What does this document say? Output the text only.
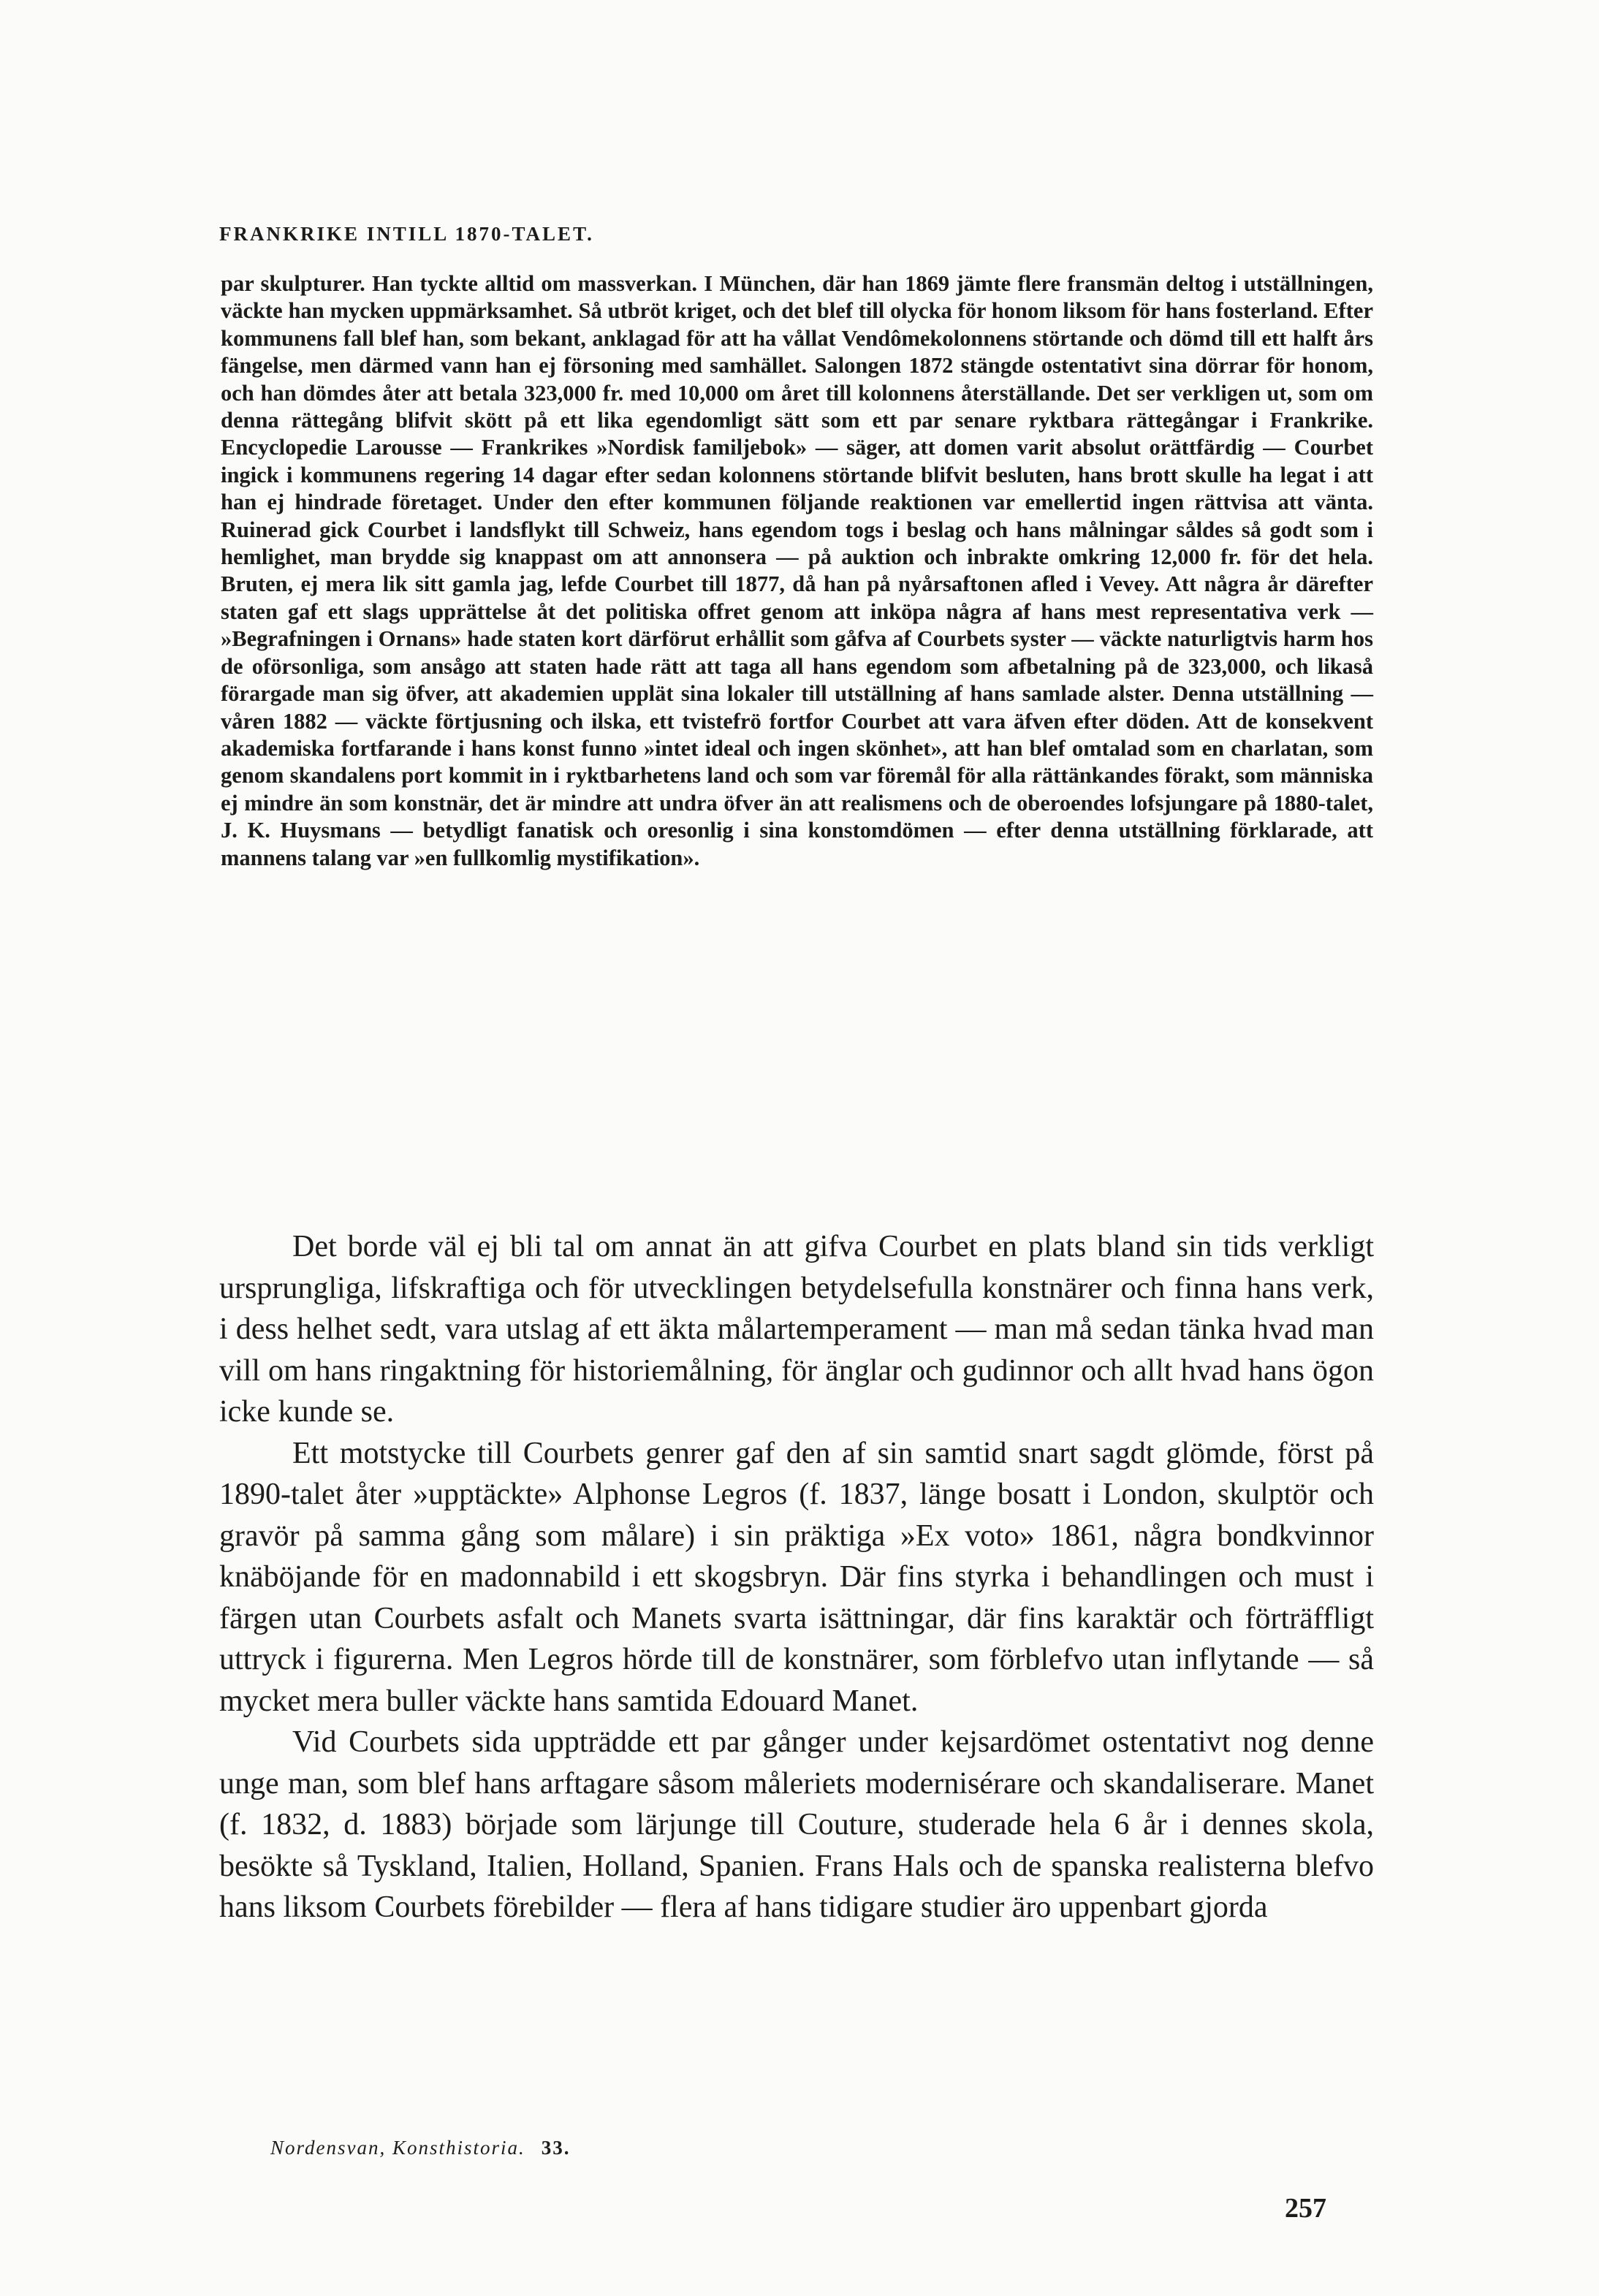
FRANKRIKE INTILL 1870-TALET.

par skulpturer. Han tyckte alltid om massverkan. I München, där han 1869 jämte flere fransmän deltog i utställningen, väckte han mycken uppmärksamhet. Så utbröt kriget, och det blef till olycka för honom liksom för hans fosterland. Efter kommunens fall blef han, som bekant, anklagad för att ha vållat Vendômekolonnens störtande och dömd till ett halft års fängelse, men därmed vann han ej försoning med samhället. Salongen 1872 stängde ostentativt sina dörrar för honom, och han dömdes åter att betala 323,000 fr. med 10,000 om året till kolonnens återställande. Det ser verkligen ut, som om denna rättegång blifvit skött på ett lika egendomligt sätt som ett par senare ryktbara rättegångar i Frankrike. Encyclopedie Larousse — Frankrikes »Nordisk familjebok» — säger, att domen varit absolut orättfärdig — Courbet ingick i kommunens regering 14 dagar efter sedan kolonnens störtande blifvit besluten, hans brott skulle ha legat i att han ej hindrade företaget. Under den efter kommunen följande reaktionen var emellertid ingen rättvisa att vänta. Ruinerad gick Courbet i landsflykt till Schweiz, hans egendom togs i beslag och hans målningar såldes så godt som i hemlighet, man brydde sig knappast om att annonsera — på auktion och inbrakte omkring 12,000 fr. för det hela. Bruten, ej mera lik sitt gamla jag, lefde Courbet till 1877, då han på nyårsaftonen afled i Vevey. Att några år därefter staten gaf ett slags upprättelse åt det politiska offret genom att inköpa några af hans mest representativa verk — »Begrafningen i Ornans» hade staten kort därförut erhållit som gåfva af Courbets syster — väckte naturligtvis harm hos de oförsonliga, som ansågo att staten hade rätt att taga all hans egendom som afbetalning på de 323,000, och likaså förargade man sig öfver, att akademien upplät sina lokaler till utställning af hans samlade alster. Denna utställning — våren 1882 — väckte förtjusning och ilska, ett tvistefrö fortfor Courbet att vara äfven efter döden. Att de konsekvent akademiska fortfarande i hans konst funno »intet ideal och ingen skönhet», att han blef omtalad som en charlatan, som genom skandalens port kommit in i ryktbarhetens land och som var föremål för alla rättänkandes förakt, som människa ej mindre än som konstnär, det är mindre att undra öfver än att realismens och de oberoendes lofsjungare på 1880-talet, J. K. Huysmans — betydligt fanatisk och oresonlig i sina konstomdömen — efter denna utställning förklarade, att mannens talang var »en fullkomlig mystifikation».

Det borde väl ej bli tal om annat än att gifva Courbet en plats bland sin tids verkligt ursprungliga, lifskraftiga och för utvecklingen betydelsefulla konstnärer och finna hans verk, i dess helhet sedt, vara utslag af ett äkta målartemperament — man må sedan tänka hvad man vill om hans ringaktning för historiemålning, för änglar och gudinnor och allt hvad hans ögon icke kunde se.

Ett motstycke till Courbets genrer gaf den af sin samtid snart sagdt glömde, först på 1890-talet åter »upptäckte» Alphonse Legros (f. 1837, länge bosatt i London, skulptör och gravör på samma gång som målare) i sin präktiga »Ex voto» 1861, några bondkvinnor knäböjande för en madonnabild i ett skogsbryn. Där fins styrka i behandlingen och must i färgen utan Courbets asfalt och Manets svarta isättningar, där fins karaktär och förträffligt uttryck i figurerna. Men Legros hörde till de konstnärer, som förblefvo utan inflytande — så mycket mera buller väckte hans samtida Edouard Manet.

Vid Courbets sida uppträdde ett par gånger under kejsardömet ostentativt nog denne unge man, som blef hans arftagare såsom måleriets modernisérare och skandaliserare. Manet (f. 1832, d. 1883) började som lärjunge till Couture, studerade hela 6 år i dennes skola, besökte så Tyskland, Italien, Holland, Spanien. Frans Hals och de spanska realisterna blefvo hans liksom Courbets förebilder — flera af hans tidigare studier äro uppenbart gjorda

Nordensvan, Konsthistoria. 33.
257
